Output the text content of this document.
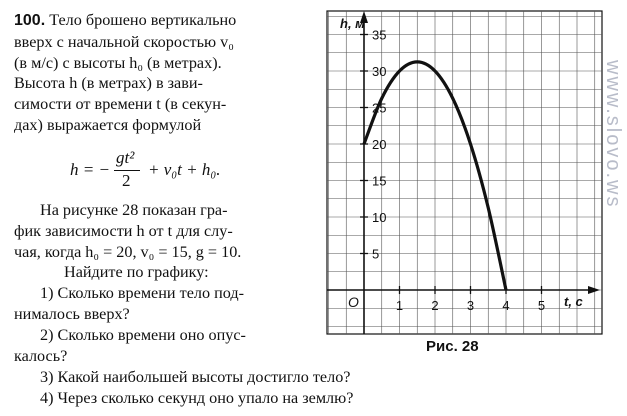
100. Тело брошено вертикально

вверх с начальной скоростью v₀

(в м/с) с высоты h₀ (в метрах).

Высота h (в метрах) в зави-

симости от времени t (в секун-

дах) выражается формулой

h = −
gt²
2
+ v₀t + h₀.

На рисунке 28 показан гра-

фик зависимости h от t для слу-

чая, когда h₀ = 20, v₀ = 15, g = 10.

Найдите по графику:

1) Сколько времени тело под-
нималось вверх?
2) Сколько времени оно опус-
калось?
3) Какой наибольшей высоты достигло тело?
4) Через сколько секунд оно упало на землю?
1 2 3 4 5
5
10
15
20
25
30
35
O
h, м
t, c
Рис. 28
www.slovo.ws
